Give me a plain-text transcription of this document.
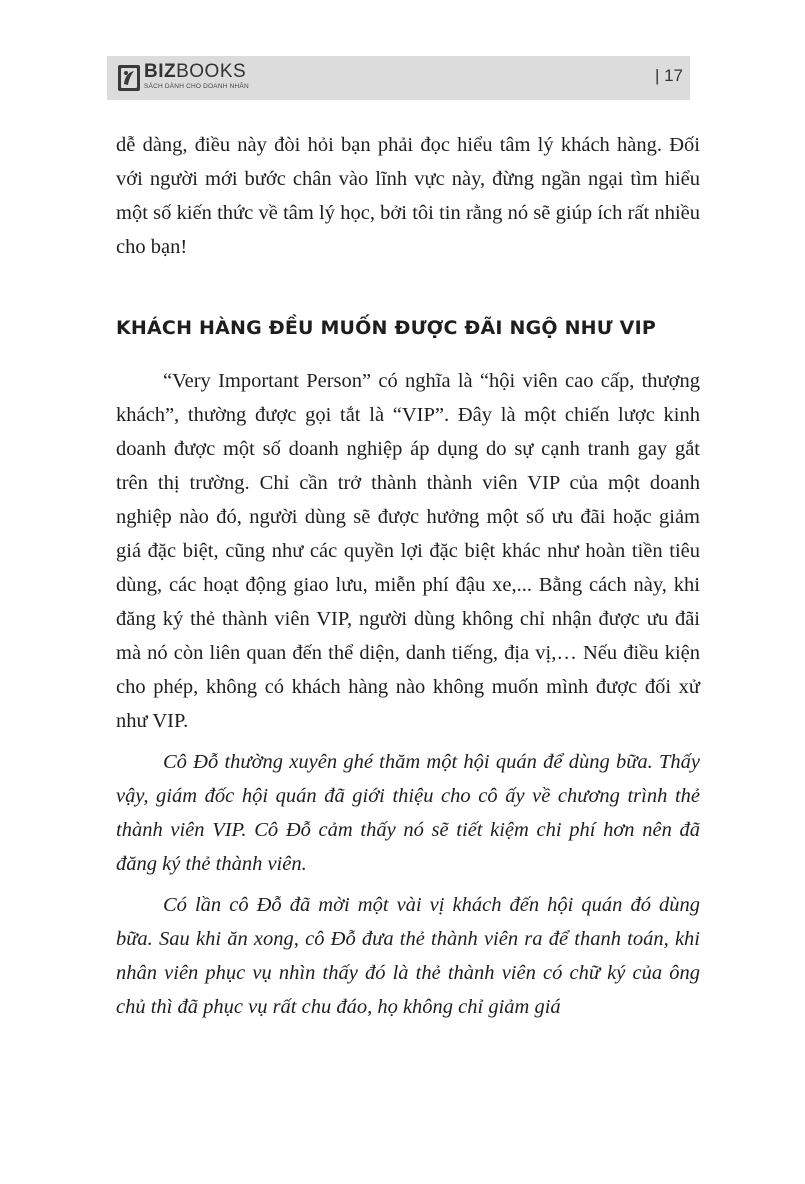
BIZBOOKS
SÁCH DÀNH CHO DOANH NHÂN
| 17

dễ dàng, điều này đòi hỏi bạn phải đọc hiểu tâm lý khách hàng. Đối với người mới bước chân vào lĩnh vực này, đừng ngần ngại tìm hiểu một số kiến thức về tâm lý học, bởi tôi tin rằng nó sẽ giúp ích rất nhiều cho bạn!

KHÁCH HÀNG ĐỀU MUỐN ĐƯỢC ĐÃI NGỘ NHƯ VIP

“Very Important Person” có nghĩa là “hội viên cao cấp, thượng khách”, thường được gọi tắt là “VIP”. Đây là một chiến lược kinh doanh được một số doanh nghiệp áp dụng do sự cạnh tranh gay gắt trên thị trường. Chỉ cần trở thành thành viên VIP của một doanh nghiệp nào đó, người dùng sẽ được hưởng một số ưu đãi hoặc giảm giá đặc biệt, cũng như các quyền lợi đặc biệt khác như hoàn tiền tiêu dùng, các hoạt động giao lưu, miễn phí đậu xe,... Bằng cách này, khi đăng ký thẻ thành viên VIP, người dùng không chỉ nhận được ưu đãi mà nó còn liên quan đến thể diện, danh tiếng, địa vị,… Nếu điều kiện cho phép, không có khách hàng nào không muốn mình được đối xử như VIP.

Cô Đỗ thường xuyên ghé thăm một hội quán để dùng bữa. Thấy vậy, giám đốc hội quán đã giới thiệu cho cô ấy về chương trình thẻ thành viên VIP. Cô Đỗ cảm thấy nó sẽ tiết kiệm chi phí hơn nên đã đăng ký thẻ thành viên.

Có lần cô Đỗ đã mời một vài vị khách đến hội quán đó dùng bữa. Sau khi ăn xong, cô Đỗ đưa thẻ thành viên ra để thanh toán, khi nhân viên phục vụ nhìn thấy đó là thẻ thành viên có chữ ký của ông chủ thì đã phục vụ rất chu đáo, họ không chỉ giảm giá
